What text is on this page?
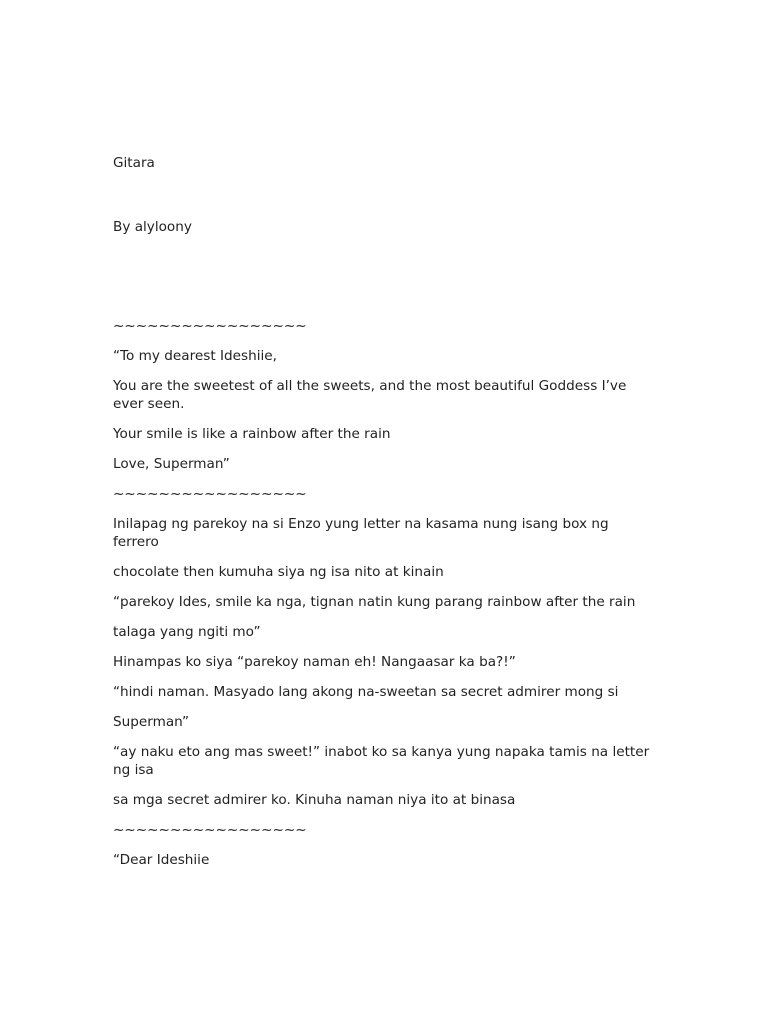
Gitara

By alyloony

~~~~~~~~~~~~~~~~~

“To my dearest Ideshiie,

You are the sweetest of all the sweets, and the most beautiful Goddess I’ve ever seen.

Your smile is like a rainbow after the rain

Love, Superman”

~~~~~~~~~~~~~~~~~

Inilapag ng parekoy na si Enzo yung letter na kasama nung isang box ng ferrero

chocolate then kumuha siya ng isa nito at kinain

“parekoy Ides, smile ka nga, tignan natin kung parang rainbow after the rain

talaga yang ngiti mo”

Hinampas ko siya “parekoy naman eh! Nangaasar ka ba?!”

“hindi naman. Masyado lang akong na-sweetan sa secret admirer mong si

Superman”

“ay naku eto ang mas sweet!” inabot ko sa kanya yung napaka tamis na letter ng isa

sa mga secret admirer ko. Kinuha naman niya ito at binasa

~~~~~~~~~~~~~~~~~

“Dear Ideshiie
